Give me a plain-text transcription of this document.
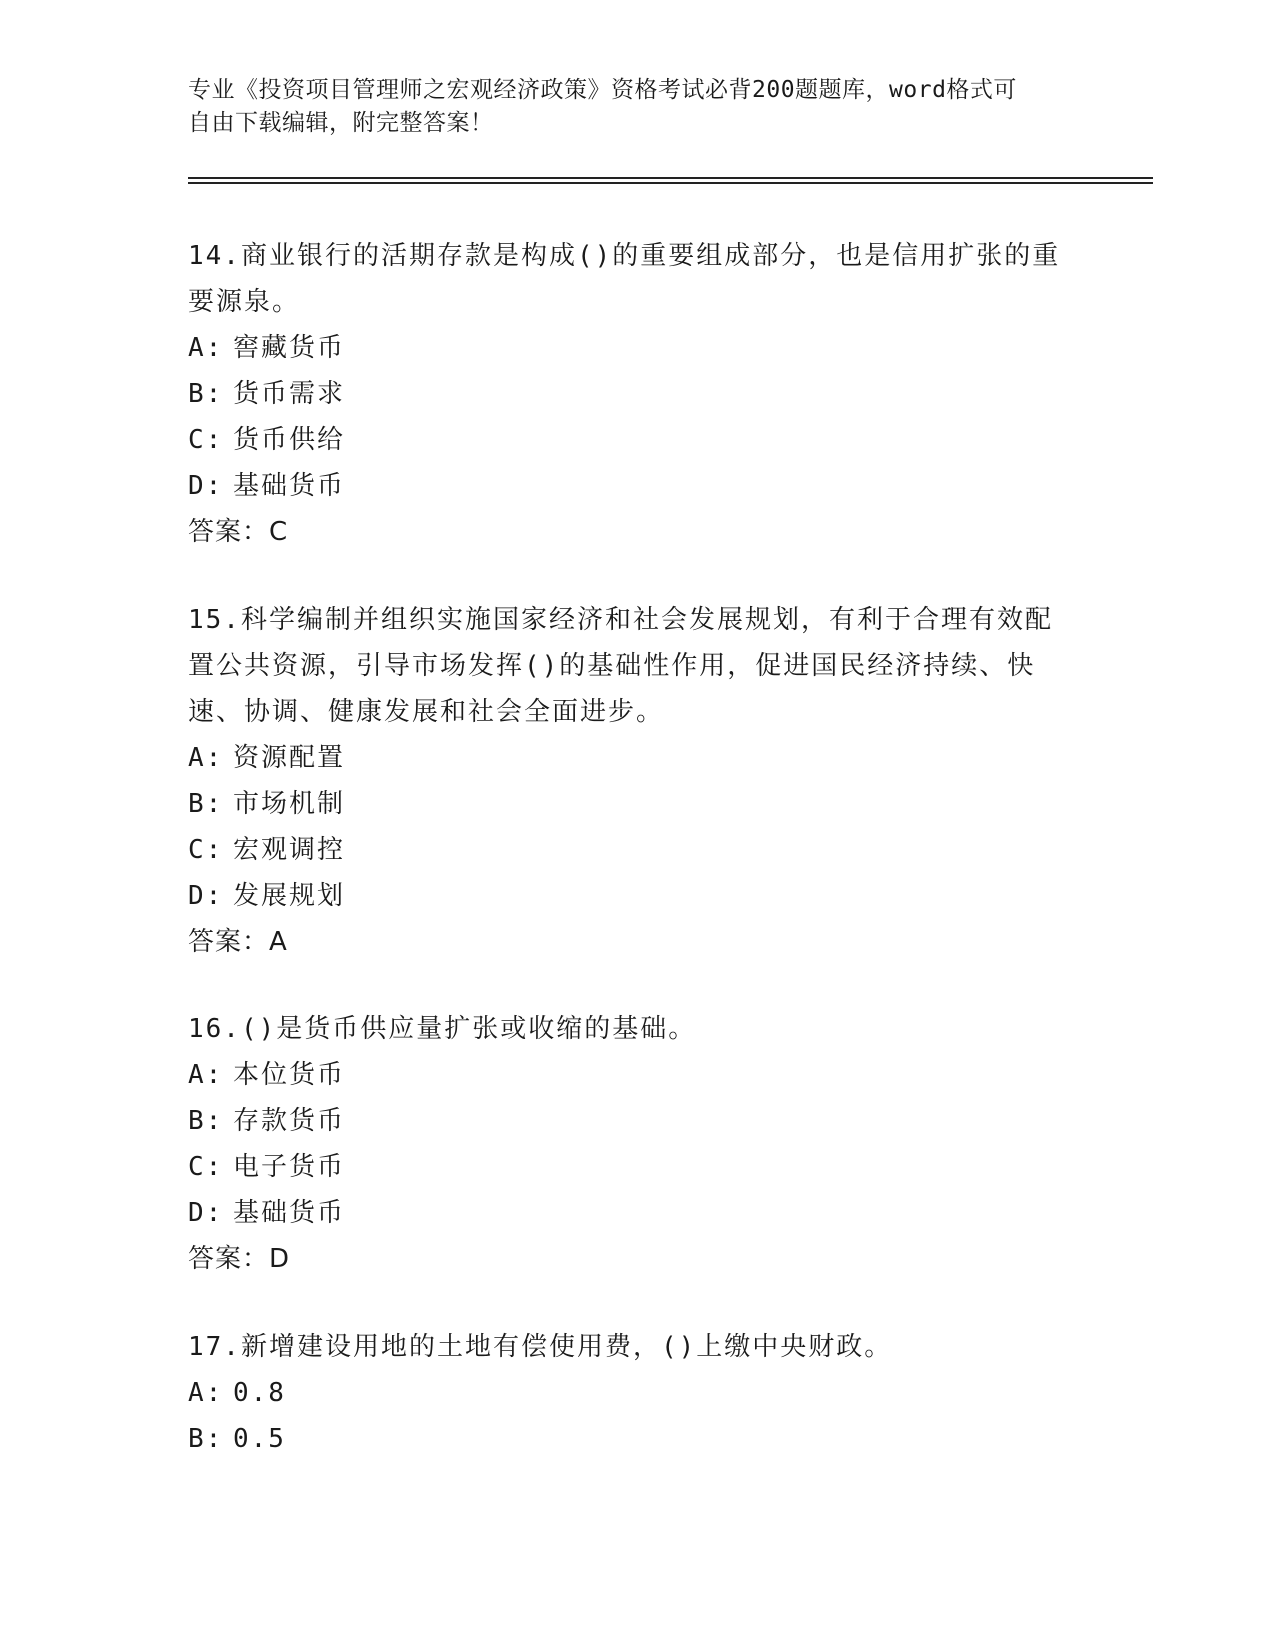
专业《投资项目管理师之宏观经济政策》资格考试必背200题题库，word格式可
自由下载编辑，附完整答案！
14.商业银行的活期存款是构成()的重要组成部分，也是信用扩张的重
要源泉。
A: 窖藏货币
B: 货币需求
C: 货币供给
D: 基础货币
答案：C
15.科学编制并组织实施国家经济和社会发展规划，有利于合理有效配
置公共资源，引导市场发挥()的基础性作用，促进国民经济持续、快
速、协调、健康发展和社会全面进步。
A: 资源配置
B: 市场机制
C: 宏观调控
D: 发展规划
答案：A
16.()是货币供应量扩张或收缩的基础。
A: 本位货币
B: 存款货币
C: 电子货币
D: 基础货币
答案：D
17.新增建设用地的土地有偿使用费，()上缴中央财政。
A: 0.8
B: 0.5
